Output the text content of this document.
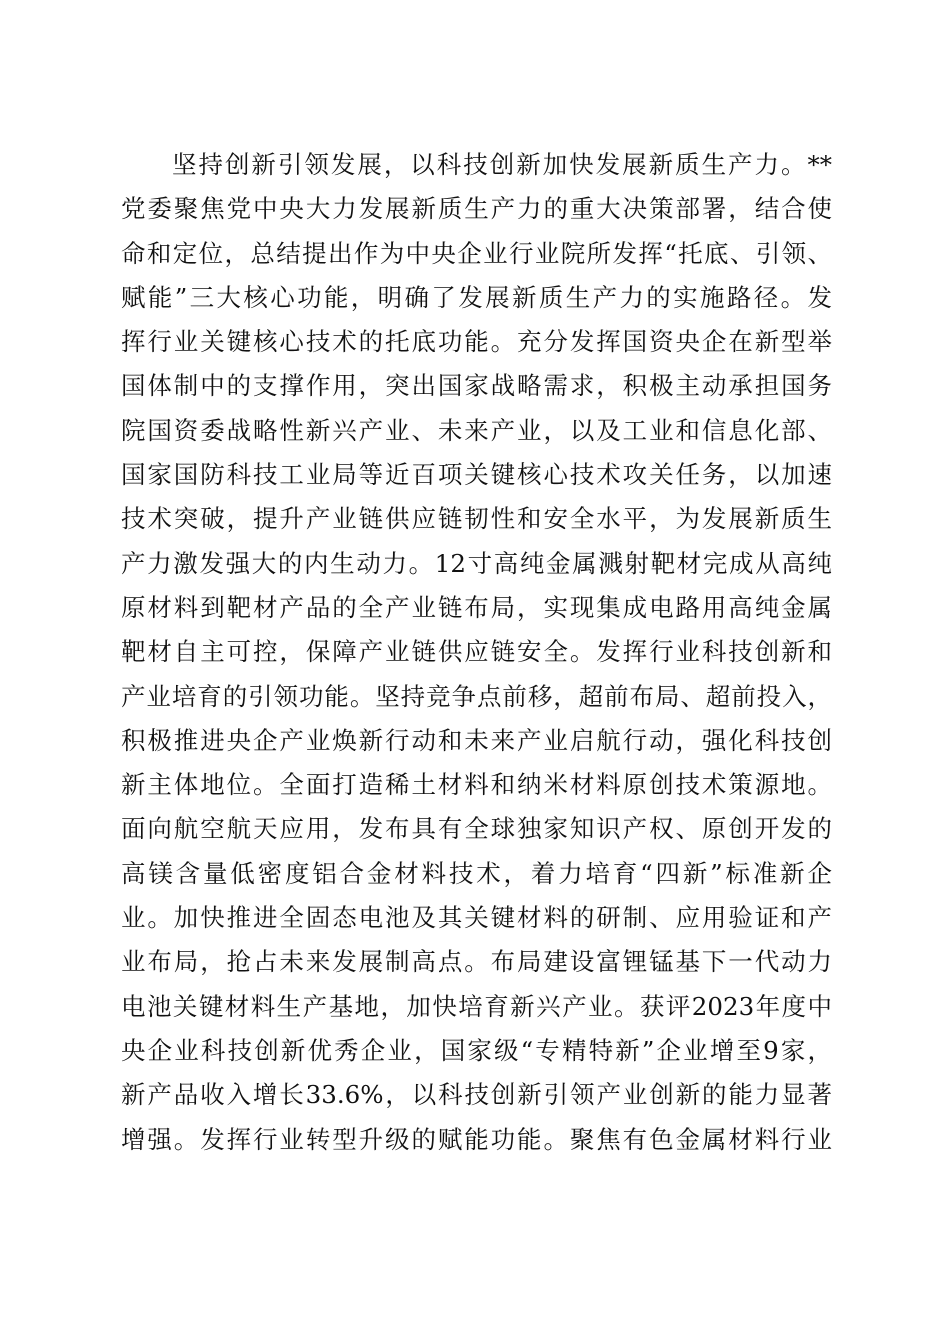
坚持创新引领发展，以科技创新加快发展新质生产力。**
党委聚焦党中央大力发展新质生产力的重大决策部署，结合使
命和定位，总结提出作为中央企业行业院所发挥“托底、引领、
赋能”三大核心功能，明确了发展新质生产力的实施路径。发
挥行业关键核心技术的托底功能。充分发挥国资央企在新型举
国体制中的支撑作用，突出国家战略需求，积极主动承担国务
院国资委战略性新兴产业、未来产业，以及工业和信息化部、
国家国防科技工业局等近百项关键核心技术攻关任务，以加速
技术突破，提升产业链供应链韧性和安全水平，为发展新质生
产力激发强大的内生动力。12寸高纯金属溅射靶材完成从高纯
原材料到靶材产品的全产业链布局，实现集成电路用高纯金属
靶材自主可控，保障产业链供应链安全。发挥行业科技创新和
产业培育的引领功能。坚持竞争点前移，超前布局、超前投入，
积极推进央企产业焕新行动和未来产业启航行动，强化科技创
新主体地位。全面打造稀土材料和纳米材料原创技术策源地。
面向航空航天应用，发布具有全球独家知识产权、原创开发的
高镁含量低密度铝合金材料技术，着力培育“四新”标准新企
业。加快推进全固态电池及其关键材料的研制、应用验证和产
业布局，抢占未来发展制高点。布局建设富锂锰基下一代动力
电池关键材料生产基地，加快培育新兴产业。获评2023年度中
央企业科技创新优秀企业，国家级“专精特新”企业增至9家，
新产品收入增长33.6%，以科技创新引领产业创新的能力显著
增强。发挥行业转型升级的赋能功能。聚焦有色金属材料行业
